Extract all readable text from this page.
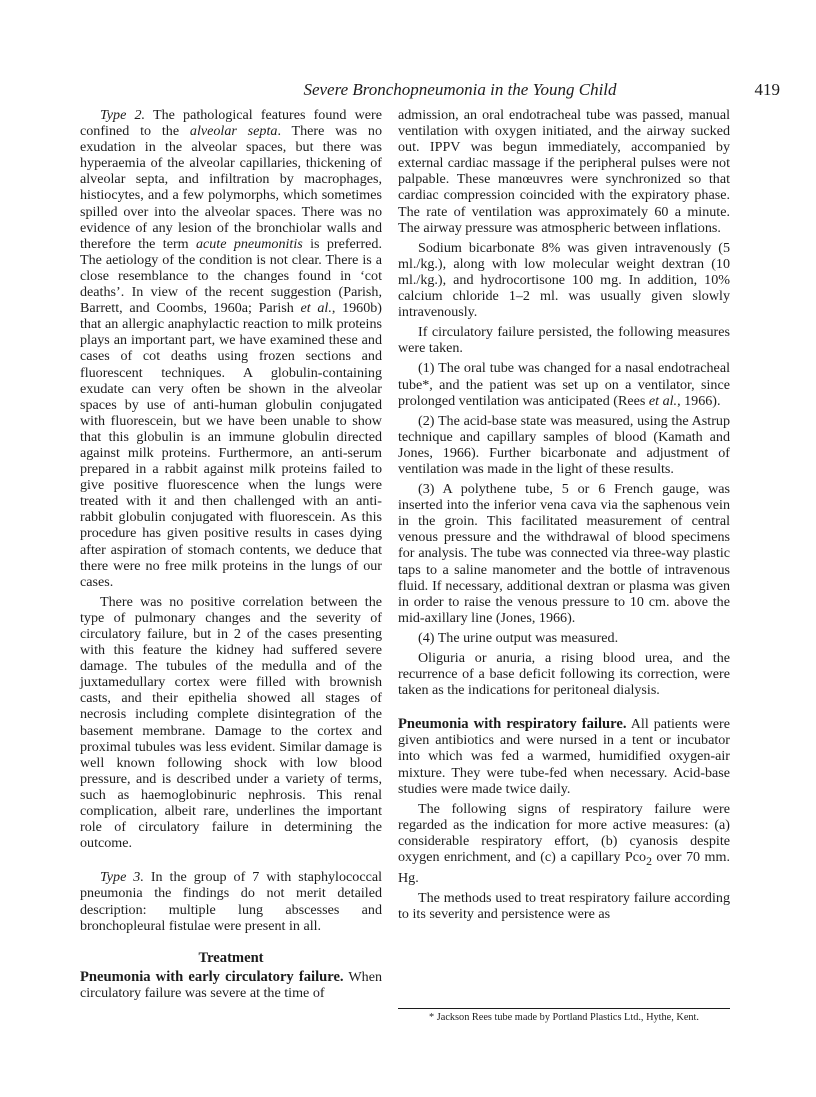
Severe Bronchopneumonia in the Young Child	419

Type 2. The pathological features found were confined to the alveolar septa. There was no exudation in the alveolar spaces, but there was hyperaemia of the alveolar capillaries, thickening of alveolar septa, and infiltration by macrophages, histiocytes, and a few polymorphs, which sometimes spilled over into the alveolar spaces. There was no evidence of any lesion of the bronchiolar walls and therefore the term acute pneumonitis is preferred. The aetiology of the condition is not clear. There is a close resemblance to the changes found in ‘cot deaths’. In view of the recent suggestion (Parish, Barrett, and Coombs, 1960a; Parish et al., 1960b) that an allergic anaphylactic reaction to milk proteins plays an important part, we have examined these and cases of cot deaths using frozen sections and fluorescent techniques. A globulin-containing exudate can very often be shown in the alveolar spaces by use of anti-human globulin conjugated with fluorescein, but we have been unable to show that this globulin is an immune globulin directed against milk proteins. Furthermore, an anti-serum prepared in a rabbit against milk proteins failed to give positive fluorescence when the lungs were treated with it and then challenged with an anti-rabbit globulin conjugated with fluorescein. As this procedure has given positive results in cases dying after aspiration of stomach contents, we deduce that there were no free milk proteins in the lungs of our cases.

There was no positive correlation between the type of pulmonary changes and the severity of circulatory failure, but in 2 of the cases presenting with this feature the kidney had suffered severe damage. The tubules of the medulla and of the juxtamedullary cortex were filled with brownish casts, and their epithelia showed all stages of necrosis including complete disintegration of the basement membrane. Damage to the cortex and proximal tubules was less evident. Similar damage is well known following shock with low blood pressure, and is described under a variety of terms, such as haemoglobinuric nephrosis. This renal complication, albeit rare, underlines the important role of circulatory failure in determining the outcome.

Type 3. In the group of 7 with staphylococcal pneumonia the findings do not merit detailed description: multiple lung abscesses and bronchopleural fistulae were present in all.

Treatment

Pneumonia with early circulatory failure. When circulatory failure was severe at the time of

admission, an oral endotracheal tube was passed, manual ventilation with oxygen initiated, and the airway sucked out. IPPV was begun immediately, accompanied by external cardiac massage if the peripheral pulses were not palpable. These manœuvres were synchronized so that cardiac compression coincided with the expiratory phase. The rate of ventilation was approximately 60 a minute. The airway pressure was atmospheric between inflations.

Sodium bicarbonate 8% was given intravenously (5 ml./kg.), along with low molecular weight dextran (10 ml./kg.), and hydrocortisone 100 mg. In addition, 10% calcium chloride 1–2 ml. was usually given slowly intravenously.

If circulatory failure persisted, the following measures were taken.

(1) The oral tube was changed for a nasal endotracheal tube*, and the patient was set up on a ventilator, since prolonged ventilation was anticipated (Rees et al., 1966).

(2) The acid-base state was measured, using the Astrup technique and capillary samples of blood (Kamath and Jones, 1966). Further bicarbonate and adjustment of ventilation was made in the light of these results.

(3) A polythene tube, 5 or 6 French gauge, was inserted into the inferior vena cava via the saphenous vein in the groin. This facilitated measurement of central venous pressure and the withdrawal of blood specimens for analysis. The tube was connected via three-way plastic taps to a saline manometer and the bottle of intravenous fluid. If necessary, additional dextran or plasma was given in order to raise the venous pressure to 10 cm. above the mid-axillary line (Jones, 1966).

(4) The urine output was measured.

Oliguria or anuria, a rising blood urea, and the recurrence of a base deficit following its correction, were taken as the indications for peritoneal dialysis.

Pneumonia with respiratory failure. All patients were given antibiotics and were nursed in a tent or incubator into which was fed a warmed, humidified oxygen-air mixture. They were tube-fed when necessary. Acid-base studies were made twice daily.

The following signs of respiratory failure were regarded as the indication for more active measures: (a) considerable respiratory effort, (b) cyanosis despite oxygen enrichment, and (c) a capillary Pco$_2$ over 70 mm. Hg.

The methods used to treat respiratory failure according to its severity and persistence were as

* Jackson Rees tube made by Portland Plastics Ltd., Hythe, Kent.
